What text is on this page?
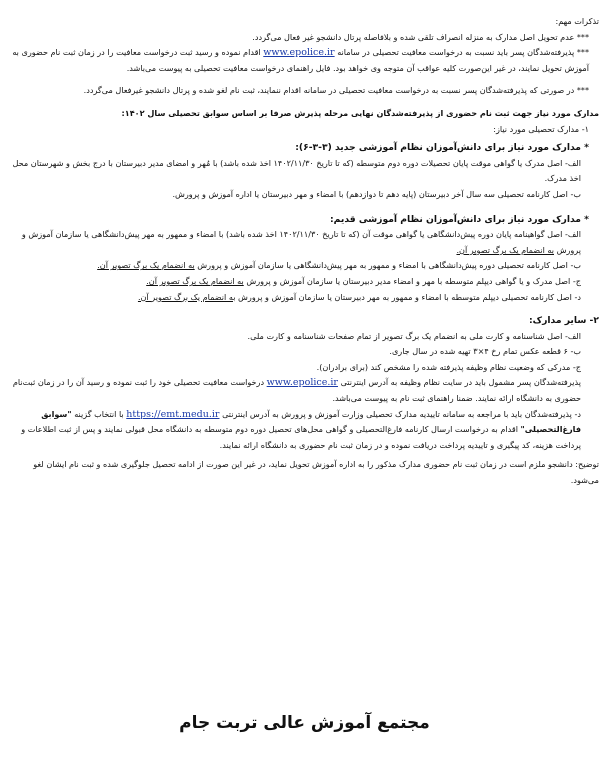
تذکرات مهم:

*** عدم تحویل اصل مدارک به منزله انصراف تلقی شده و بلافاصله پرتال دانشجو غیر فعال می‌گردد.

*** پذیرفته‌شدگان پسر باید نسبت به درخواست معافیت تحصیلی در سامانه www.epolice.ir اقدام نموده و رسید ثبت درخواست معافیت را در زمان ثبت نام حضوری به آموزش تحویل نمایند، در غیر این‌صورت کلیه عواقب آن متوجه وی خواهد بود. فایل راهنمای درخواست معافیت تحصیلی به پیوست می‌باشد.

*** در صورتی که پذیرفته‌شدگان پسر نسبت به درخواست معافیت تحصیلی در سامانه اقدام ننمایند، ثبت نام لغو شده و پرتال دانشجو غیرفعال می‌گردد.

مدارک مورد نیاز جهت ثبت نام حضوری از پذیرفته‌شدگان نهایی مرحله پذیرش صرفا بر اساس سوابق تحصیلی سال ۱۴۰۲:

۱- مدارک تحصیلی مورد نیاز:

* مدارک مورد نیاز برای دانش‌آموزان نظام آموزشی جدید (۳-۳-۶):

الف- اصل مدرک یا گواهی موقت پایان تحصیلات دوره دوم متوسطه (که تا تاریخ ۱۴۰۲/۱۱/۳۰ اخذ شده باشد) با مُهر و امضای مدیر دبیرستان با درج بخش و شهرستان محل اخذ مدرک.

ب- اصل کارنامه تحصیلی سه سال آخر دبیرستان (پایه دهم تا دوازدهم) با امضاء و مهر دبیرستان یا اداره آموزش و پرورش.

* مدارک مورد نیاز برای دانش‌آموزان نظام آموزشی قدیم:

الف- اصل گواهینامه پایان دوره پیش‌دانشگاهی یا گواهی موقت آن (که تا تاریخ ۱۴۰۲/۱۱/۳۰ اخذ شده باشد) با امضاء و ممهور به مهر پیش‌دانشگاهی یا سازمان آموزش و پرورش به انضمام یک برگ تصویر آن.

ب- اصل کارنامه تحصیلی دوره پیش‌دانشگاهی با امضاء و ممهور به مهر پیش‌دانشگاهی یا سازمان آموزش و پرورش به انضمام یک برگ تصویر آن.

ج- اصل مدرک و یا گواهی دیپلم متوسطه با مهر و امضاء مدیر دبیرستان یا سازمان آموزش و پرورش به انضمام یک برگ تصویر آن.

د- اصل کارنامه تحصیلی دیپلم متوسطه با امضاء و ممهور به مهر دبیرستان یا سازمان آموزش و پرورش به انضمام یک برگ تصویر آن.

۲- سایر مدارک:

الف- اصل شناسنامه و کارت ملی به انضمام یک برگ تصویر از تمام صفحات شناسنامه و کارت ملی.

ب- ۶ قطعه عکس تمام رخ ۴×۳ تهیه شده در سال جاری.

ج- مدرکی که وضعیت نظام وظیفه پذیرفته شده را مشخص کند (برای برادران).

پذیرفته‌شدگان پسر مشمول باید در سایت نظام وظیفه به آدرس اینترنتی www.epolice.ir درخواست معافیت تحصیلی خود را ثبت نموده و رسید آن را در زمان ثبت‌نام حضوری به دانشگاه ارائه نمایند. ضمنا راهنمای ثبت نام به پیوست می‌باشد.

د- پذیرفته‌شدگان باید با مراجعه به سامانه تاییدیه مدارک تحصیلی وزارت آموزش و پرورش به آدرس اینترنتی https://emt.medu.ir با انتخاب گزینه "سوابق فارغ‌التحصیلی" اقدام به درخواست ارسال کارنامه فارغ‌التحصیلی و گواهی محل‌های تحصیل دوره دوم متوسطه به دانشگاه محل قبولی نمایند و پس از ثبت اطلاعات و پرداخت هزینه، کد پیگیری و تاییدیه پرداخت دریافت نموده و در زمان ثبت نام حضوری به دانشگاه ارائه نمایند.

توضیح: دانشجو ملزم است در زمان ثبت نام حضوری مدارک مذکور را به اداره آموزش تحویل نماید، در غیر این صورت از ادامه تحصیل جلوگیری شده و ثبت نام ایشان لغو می‌شود.

مجتمع آموزش عالی تربت جام
